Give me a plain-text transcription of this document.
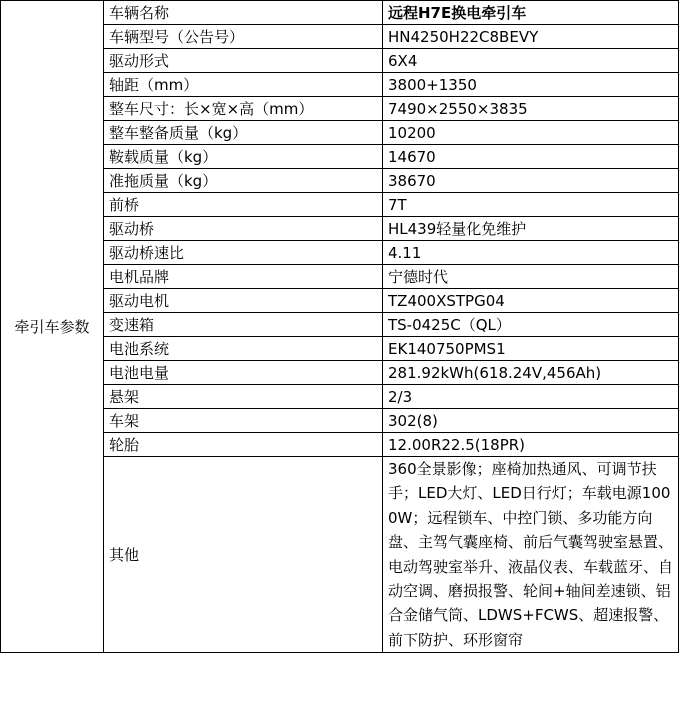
牵引车参数	车辆名称	远程H7E换电牵引车
	车辆型号（公告号）	HN4250H22C8BEVY
	驱动形式	6X4
	轴距（mm）	3800+1350
	整车尺寸：长×宽×高（mm）	7490×2550×3835
	整车整备质量（kg）	10200
	鞍载质量（kg）	14670
	准拖质量（kg）	38670
	前桥	7T
	驱动桥	HL439轻量化免维护
	驱动桥速比	4.11
	电机品牌	宁德时代
	驱动电机	TZ400XSTPG04
	变速箱	TS-0425C（QL）
	电池系统	EK140750PMS1
	电池电量	281.92kWh(618.24V,456Ah)
	悬架	2/3
	车架	302(8)
	轮胎	12.00R22.5(18PR)
	其他	360全景影像；座椅加热通风、可调节扶手；LED大灯、LED日行灯；车载电源1000W；远程锁车、中控门锁、多功能方向盘、主驾气囊座椅、前后气囊驾驶室悬置、电动驾驶室举升、液晶仪表、车载蓝牙、自动空调、磨损报警、轮间+轴间差速锁、铝合金储气筒、LDWS+FCWS、超速报警、前下防护、环形窗帘
